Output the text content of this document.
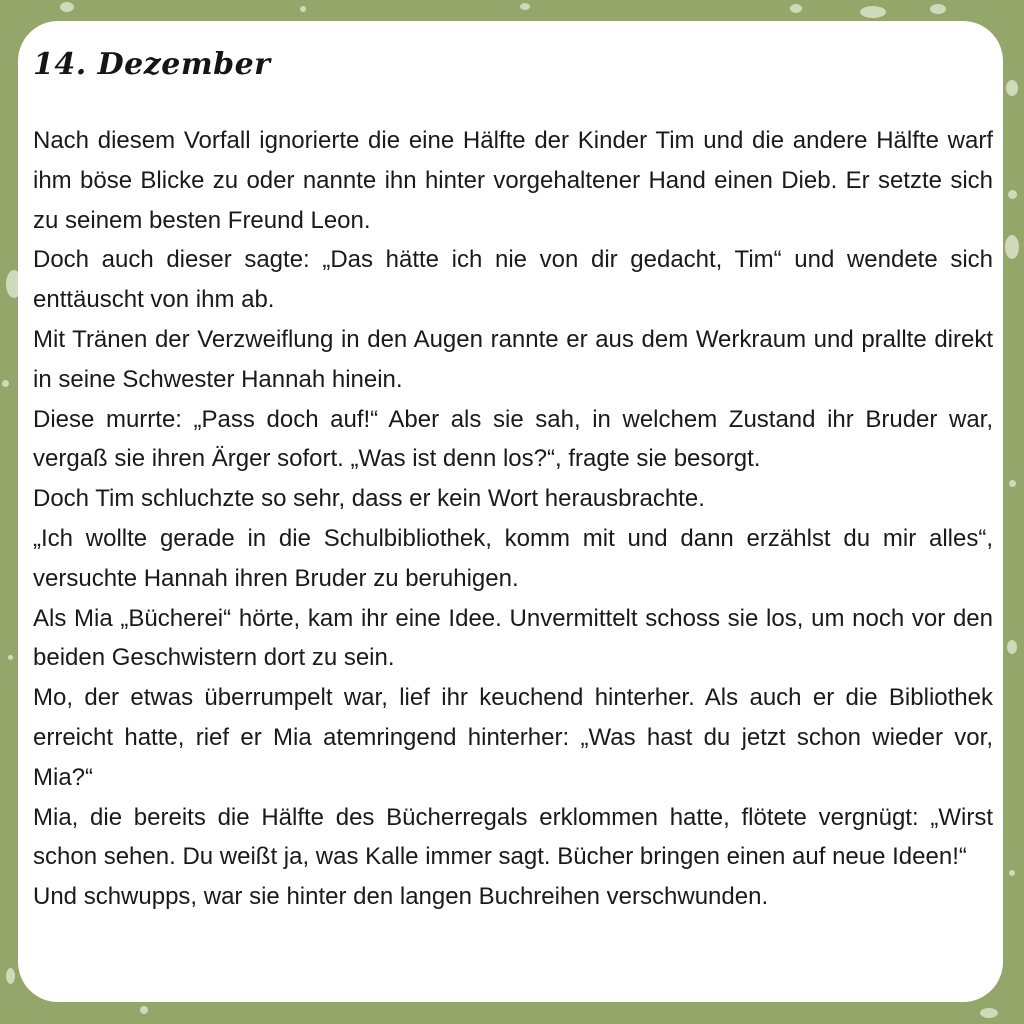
14. Dezember

Nach diesem Vorfall ignorierte die eine Hälfte der Kinder Tim und die andere Hälfte warf ihm böse Blicke zu oder nannte ihn hinter vorgehaltener Hand einen Dieb. Er setzte sich zu seinem besten Freund Leon.

Doch auch dieser sagte: „Das hätte ich nie von dir gedacht, Tim“ und wendete sich enttäuscht von ihm ab.

Mit Tränen der Verzweiflung in den Augen rannte er aus dem Werkraum und prallte direkt in seine Schwester Hannah hinein.

Diese murrte: „Pass doch auf!“ Aber als sie sah, in welchem Zustand ihr Bruder war, vergaß sie ihren Ärger sofort. „Was ist denn los?“, fragte sie besorgt.

Doch Tim schluchzte so sehr, dass er kein Wort herausbrachte.

„Ich wollte gerade in die Schulbibliothek, komm mit und dann erzählst du mir alles“, versuchte Hannah ihren Bruder zu beruhigen.

Als Mia „Bücherei“ hörte, kam ihr eine Idee. Unvermittelt schoss sie los, um noch vor den beiden Geschwistern dort zu sein.

Mo, der etwas überrumpelt war, lief ihr keuchend hinterher. Als auch er die Bibliothek erreicht hatte, rief er Mia atemringend hinterher: „Was hast du jetzt schon wieder vor, Mia?“

Mia, die bereits die Hälfte des Bücherregals erklommen hatte, flötete vergnügt: „Wirst schon sehen. Du weißt ja, was Kalle immer sagt. Bücher bringen einen auf neue Ideen!“

Und schwupps, war sie hinter den langen Buchreihen verschwunden.
